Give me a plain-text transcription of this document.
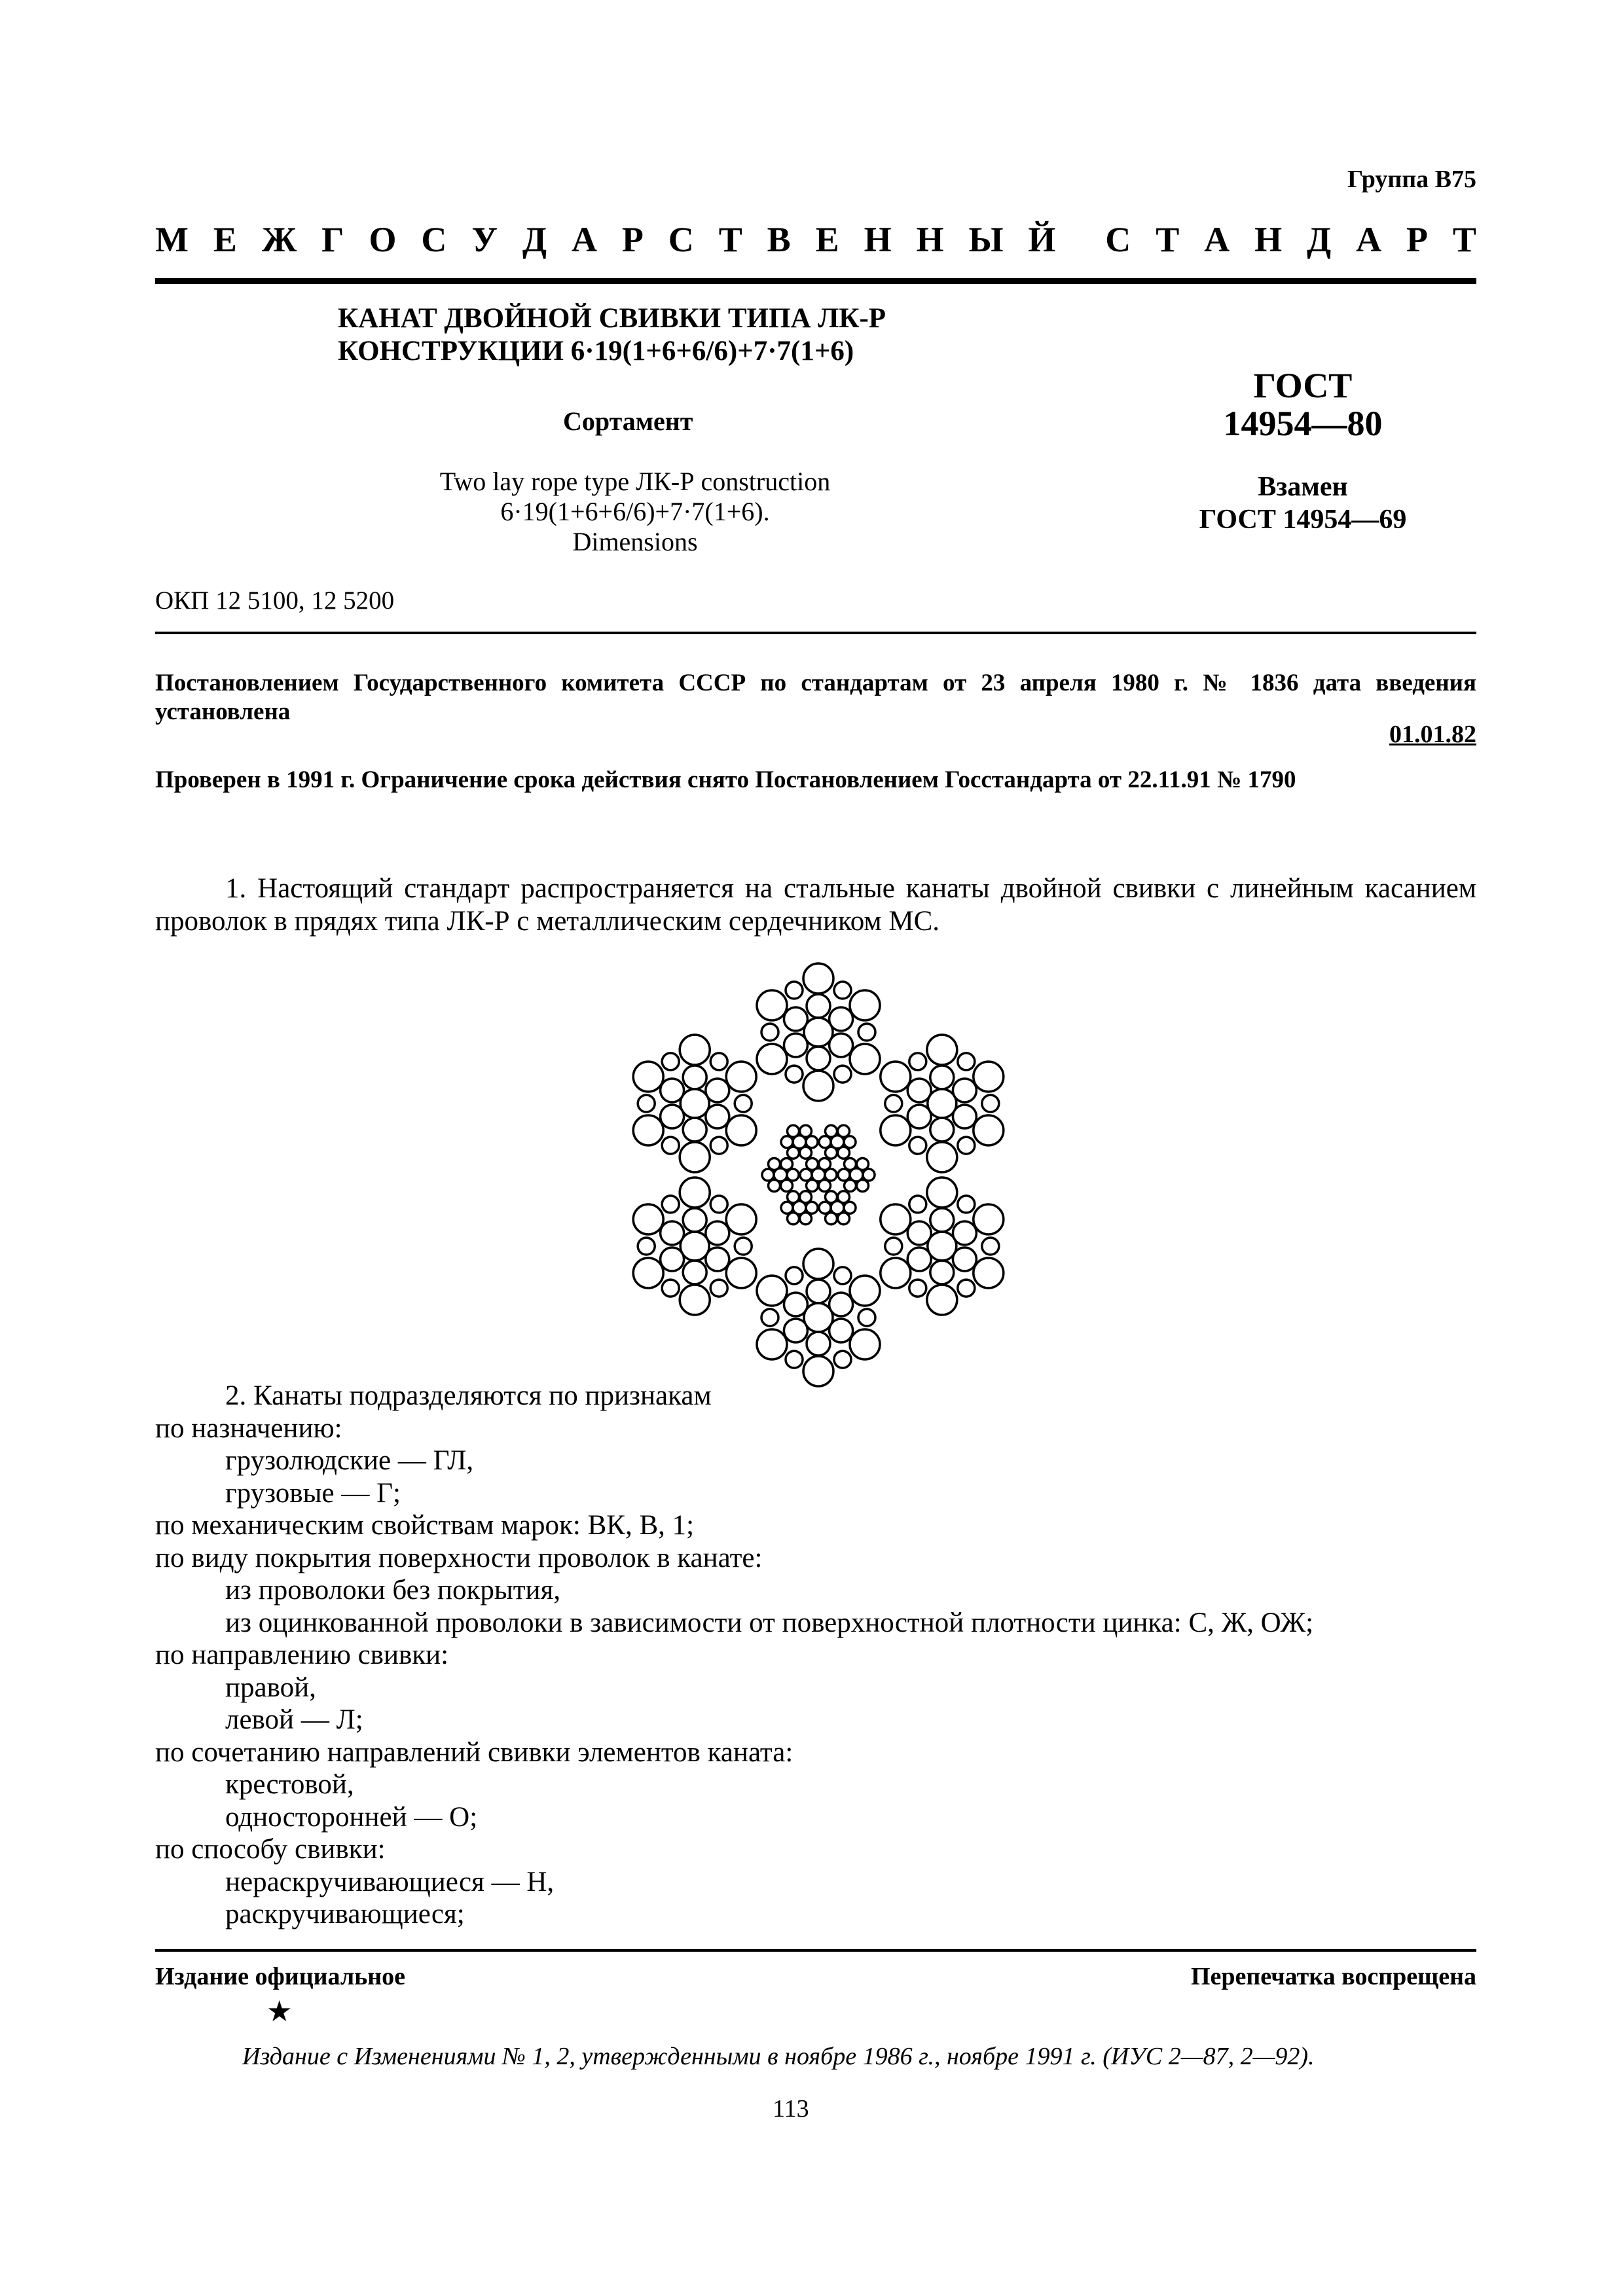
Группа В75
М Е Ж Г О С У Д А Р С Т В Е Н Н Ы Й С Т А Н Д А Р Т
КАНАТ ДВОЙНОЙ СВИВКИ ТИПА ЛК-Р
КОНСТРУКЦИИ 6·19(1+6+6/6)+7·7(1+6)
Сортамент
Two lay rope type ЛК-Р construction
6·19(1+6+6/6)+7·7(1+6).
Dimensions
ГОСТ
14954—80
Взамен
ГОСТ 14954—69
ОКП 12 5100, 12 5200
Постановлением Государственного комитета СССР по стандартам от 23 апреля 1980 г. № 1836 дата введения установлена
01.01.82
Проверен в 1991 г. Ограничение срока действия снято Постановлением Госстандарта от 22.11.91 № 1790
1. Настоящий стандарт распространяется на стальные канаты двойной свивки с линейным касанием проволок в прядях типа ЛК-Р с металлическим сердечником МС.
2. Канаты подразделяются по признакам
по назначению:
грузолюдские — ГЛ,
грузовые — Г;
по механическим свойствам марок: ВК, В, 1;
по виду покрытия поверхности проволок в канате:
из проволоки без покрытия,
из оцинкованной проволоки в зависимости от поверхностной плотности цинка: С, Ж, ОЖ;
по направлению свивки:
правой,
левой — Л;
по сочетанию направлений свивки элементов каната:
крестовой,
односторонней — О;
по способу свивки:
нераскручивающиеся — Н,
раскручивающиеся;
Издание официальное	Перепечатка воспрещена
★
Издание с Изменениями № 1, 2, утвержденными в ноябре 1986 г., ноябре 1991 г. (ИУС 2—87, 2—92).
113
